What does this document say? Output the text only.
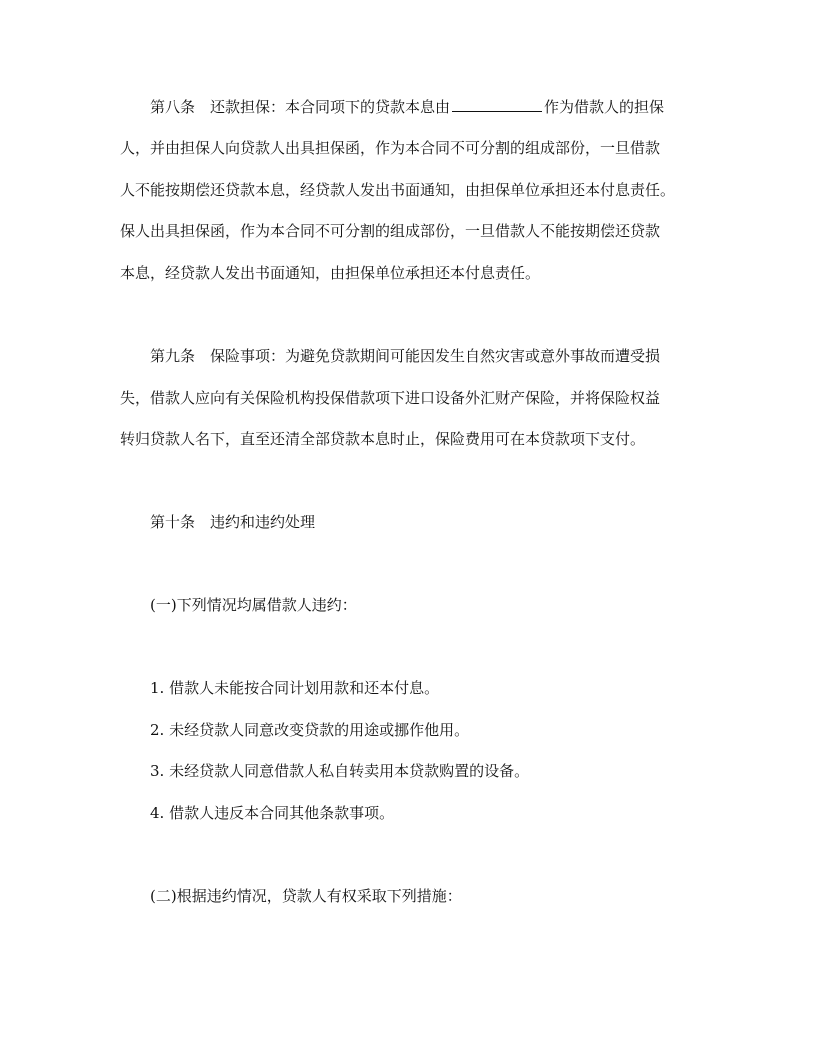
第八条　还款担保：本合同项下的贷款本息由	作为借款人的担保
人，并由担保人向贷款人出具担保函，作为本合同不可分割的组成部份，一旦借款
人不能按期偿还贷款本息，经贷款人发出书面通知，由担保单位承担还本付息责任。
保人出具担保函，作为本合同不可分割的组成部份，一旦借款人不能按期偿还贷款
本息，经贷款人发出书面通知，由担保单位承担还本付息责任。
第九条　保险事项：为避免贷款期间可能因发生自然灾害或意外事故而遭受损
失，借款人应向有关保险机构投保借款项下进口设备外汇财产保险，并将保险权益
转归贷款人名下，直至还清全部贷款本息时止，保险费用可在本贷款项下支付。
第十条　违约和违约处理
(一)下列情况均属借款人违约：
1. 借款人未能按合同计划用款和还本付息。
2. 未经贷款人同意改变贷款的用途或挪作他用。
3. 未经贷款人同意借款人私自转卖用本贷款购置的设备。
4. 借款人违反本合同其他条款事项。
(二)根据违约情况，贷款人有权采取下列措施：
